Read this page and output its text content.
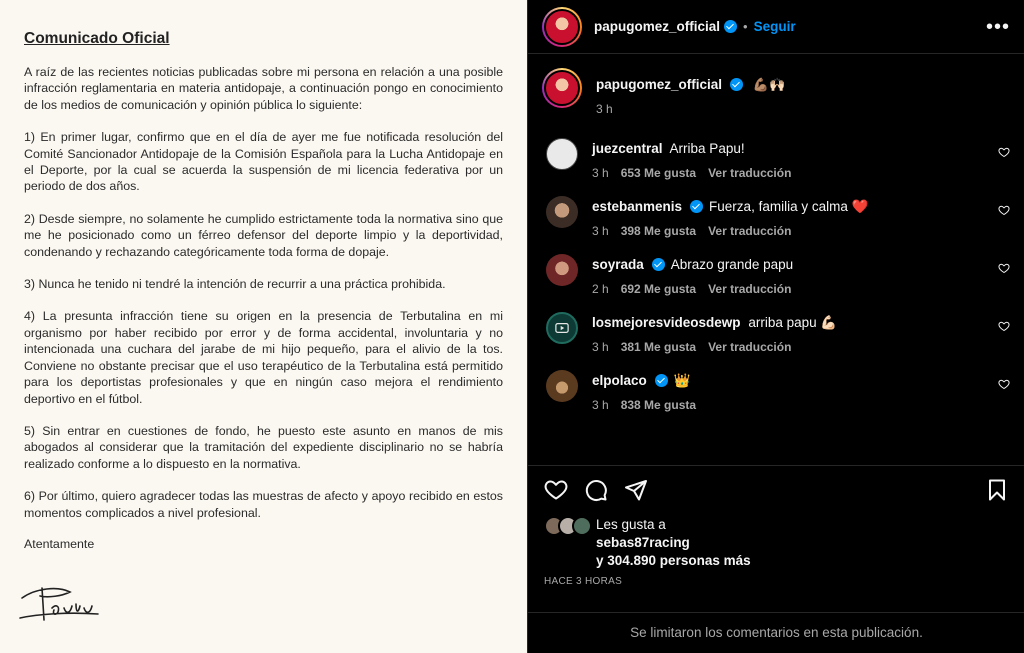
Comunicado Oficial

A raíz de las recientes noticias publicadas sobre mi persona en relación a una posible infracción reglamentaria en materia antidopaje, a continuación pongo en conocimiento de los medios de comunicación y opinión pública lo siguiente:

1) En primer lugar, confirmo que en el día de ayer me fue notificada resolución del Comité Sancionador Antidopaje de la Comisión Española para la Lucha Antidopaje en el Deporte, por la cual se acuerda la suspensión de mi licencia federativa por un periodo de dos años.

2) Desde siempre, no solamente he cumplido estrictamente toda la normativa sino que me he posicionado como un férreo defensor del deporte limpio y la deportividad, condenando y rechazando categóricamente toda forma de dopaje.

3) Nunca he tenido ni tendré la intención de recurrir a una práctica prohibida.

4) La presunta infracción tiene su origen en la presencia de Terbutalina en mi organismo por haber recibido por error y de forma accidental, involuntaria y no intencionada una cuchara del jarabe de mi hijo pequeño, para el alivio de la tos. Conviene no obstante precisar que el uso terapéutico de la Terbutalina está permitido para los deportistas profesionales y que en ningún caso mejora el rendimiento deportivo en el fútbol.

5) Sin entrar en cuestiones de fondo, he puesto este asunto en manos de mis abogados al considerar que la tramitación del expediente disciplinario no se habría realizado conforme a lo dispuesto en la normativa.

6) Por último, quiero agradecer todas las muestras de afecto y apoyo recibido en estos momentos complicados a nivel profesional.

Atentamente
papugomez_official • Seguir	•••
papugomez_official 💪🏽🙌🏻
3 h
juezcentral Arriba Papu!
3 h 653 Me gusta Ver traducción
estebanmenis Fuerza, familia y calma ❤️
3 h 398 Me gusta Ver traducción
soyrada Abrazo grande papu
2 h 692 Me gusta Ver traducción
losmejoresvideosdewp arriba papu 💪🏻
3 h 381 Me gusta Ver traducción
elpolaco 👑
3 h 838 Me gusta
Les gusta a
sebas87racing
y 304.890 personas más
HACE 3 HORAS
Se limitaron los comentarios en esta publicación.
